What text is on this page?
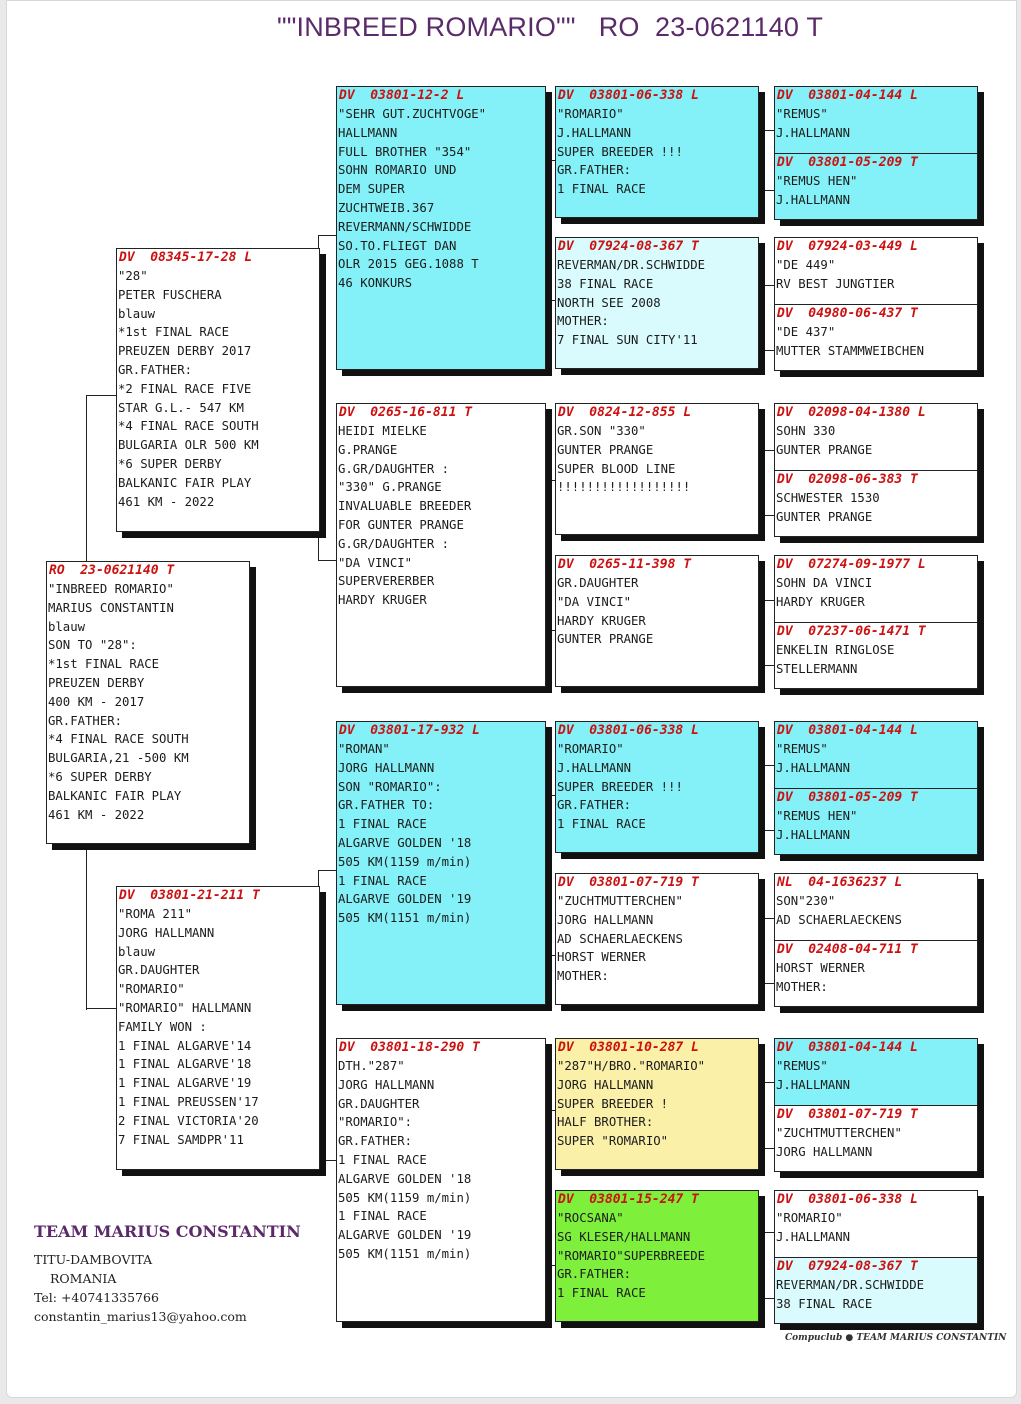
""INBREED ROMARIO""   RO  23-0621140 T
RO  23-0621140 T
"INBREED ROMARIO"
MARIUS CONSTANTIN
blauw
SON TO "28":
*1st FINAL RACE
PREUZEN DERBY
400 KM - 2017
GR.FATHER:
*4 FINAL RACE SOUTH
BULGARIA,21 -500 KM
*6 SUPER DERBY
BALKANIC FAIR PLAY
461 KM - 2022
DV  08345-17-28 L
"28"
PETER FUSCHERA
blauw
*1st FINAL RACE
PREUZEN DERBY 2017
GR.FATHER:
*2 FINAL RACE FIVE
STAR G.L.- 547 KM
*4 FINAL RACE SOUTH
BULGARIA OLR 500 KM
*6 SUPER DERBY
BALKANIC FAIR PLAY
461 KM - 2022
DV  03801-21-211 T
"ROMA 211"
JORG HALLMANN
blauw
GR.DAUGHTER
"ROMARIO"
"ROMARIO" HALLMANN
FAMILY WON :
1 FINAL ALGARVE'14
1 FINAL ALGARVE'18
1 FINAL ALGARVE'19
1 FINAL PREUSSEN'17
2 FINAL VICTORIA'20
7 FINAL SAMDPR'11
DV  03801-12-2 L
"SEHR GUT.ZUCHTVOGE"
HALLMANN
FULL BROTHER "354"
SOHN ROMARIO UND
DEM SUPER
ZUCHTWEIB.367
REVERMANN/SCHWIDDE
SO.TO.FLIEGT DAN
OLR 2015 GEG.1088 T
46 KONKURS
DV  0265-16-811 T
HEIDI MIELKE
G.PRANGE
G.GR/DAUGHTER :
"330" G.PRANGE
INVALUABLE BREEDER
FOR GUNTER PRANGE
G.GR/DAUGHTER :
"DA VINCI"
SUPERVERERBER
HARDY KRUGER
DV  03801-17-932 L
"ROMAN"
JORG HALLMANN
SON "ROMARIO":
GR.FATHER TO:
1 FINAL RACE
ALGARVE GOLDEN '18
505 KM(1159 m/min)
1 FINAL RACE
ALGARVE GOLDEN '19
505 KM(1151 m/min)
DV  03801-18-290 T
DTH."287"
JORG HALLMANN
GR.DAUGHTER
"ROMARIO":
GR.FATHER:
1 FINAL RACE
ALGARVE GOLDEN '18
505 KM(1159 m/min)
1 FINAL RACE
ALGARVE GOLDEN '19
505 KM(1151 m/min)
DV  03801-06-338 L
"ROMARIO"
J.HALLMANN
SUPER BREEDER !!!
GR.FATHER:
1 FINAL RACE
DV  07924-08-367 T
REVERMAN/DR.SCHWIDDE
38 FINAL RACE
NORTH SEE 2008
MOTHER:
7 FINAL SUN CITY'11
DV  0824-12-855 L
GR.SON "330"
GUNTER PRANGE
SUPER BLOOD LINE
!!!!!!!!!!!!!!!!!!
DV  0265-11-398 T
GR.DAUGHTER
"DA VINCI"
HARDY KRUGER
GUNTER PRANGE
DV  03801-06-338 L
"ROMARIO"
J.HALLMANN
SUPER BREEDER !!!
GR.FATHER:
1 FINAL RACE
DV  03801-07-719 T
"ZUCHTMUTTERCHEN"
JORG HALLMANN
AD SCHAERLAECKENS
HORST WERNER
MOTHER:
DV  03801-10-287 L
"287"H/BRO."ROMARIO"
JORG HALLMANN
SUPER BREEDER !
HALF BROTHER:
SUPER "ROMARIO"
DV  03801-15-247 T
"ROCSANA"
SG KLESER/HALLMANN
"ROMARIO"SUPERBREEDE
GR.FATHER:
1 FINAL RACE
DV  03801-04-144 L
"REMUS"
J.HALLMANN
DV  03801-05-209 T
"REMUS HEN"
J.HALLMANN
DV  07924-03-449 L
"DE 449"
RV BEST JUNGTIER
DV  04980-06-437 T
"DE 437"
MUTTER STAMMWEIBCHEN
DV  02098-04-1380 L
SOHN 330
GUNTER PRANGE
DV  02098-06-383 T
SCHWESTER 1530
GUNTER PRANGE
DV  07274-09-1977 L
SOHN DA VINCI
HARDY KRUGER
DV  07237-06-1471 T
ENKELIN RINGLOSE
STELLERMANN
DV  03801-04-144 L
"REMUS"
J.HALLMANN
DV  03801-05-209 T
"REMUS HEN"
J.HALLMANN
NL  04-1636237 L
SON"230"
AD SCHAERLAECKENS
DV  02408-04-711 T
HORST WERNER
MOTHER:
DV  03801-04-144 L
"REMUS"
J.HALLMANN
DV  03801-07-719 T
"ZUCHTMUTTERCHEN"
JORG HALLMANN
DV  03801-06-338 L
"ROMARIO"
J.HALLMANN
DV  07924-08-367 T
REVERMAN/DR.SCHWIDDE
38 FINAL RACE
TEAM MARIUS CONSTANTIN
TITU-DAMBOVITA
ROMANIA
Tel: +40741335766
constantin_marius13@yahoo.com
Compuclub ● TEAM MARIUS CONSTANTIN
